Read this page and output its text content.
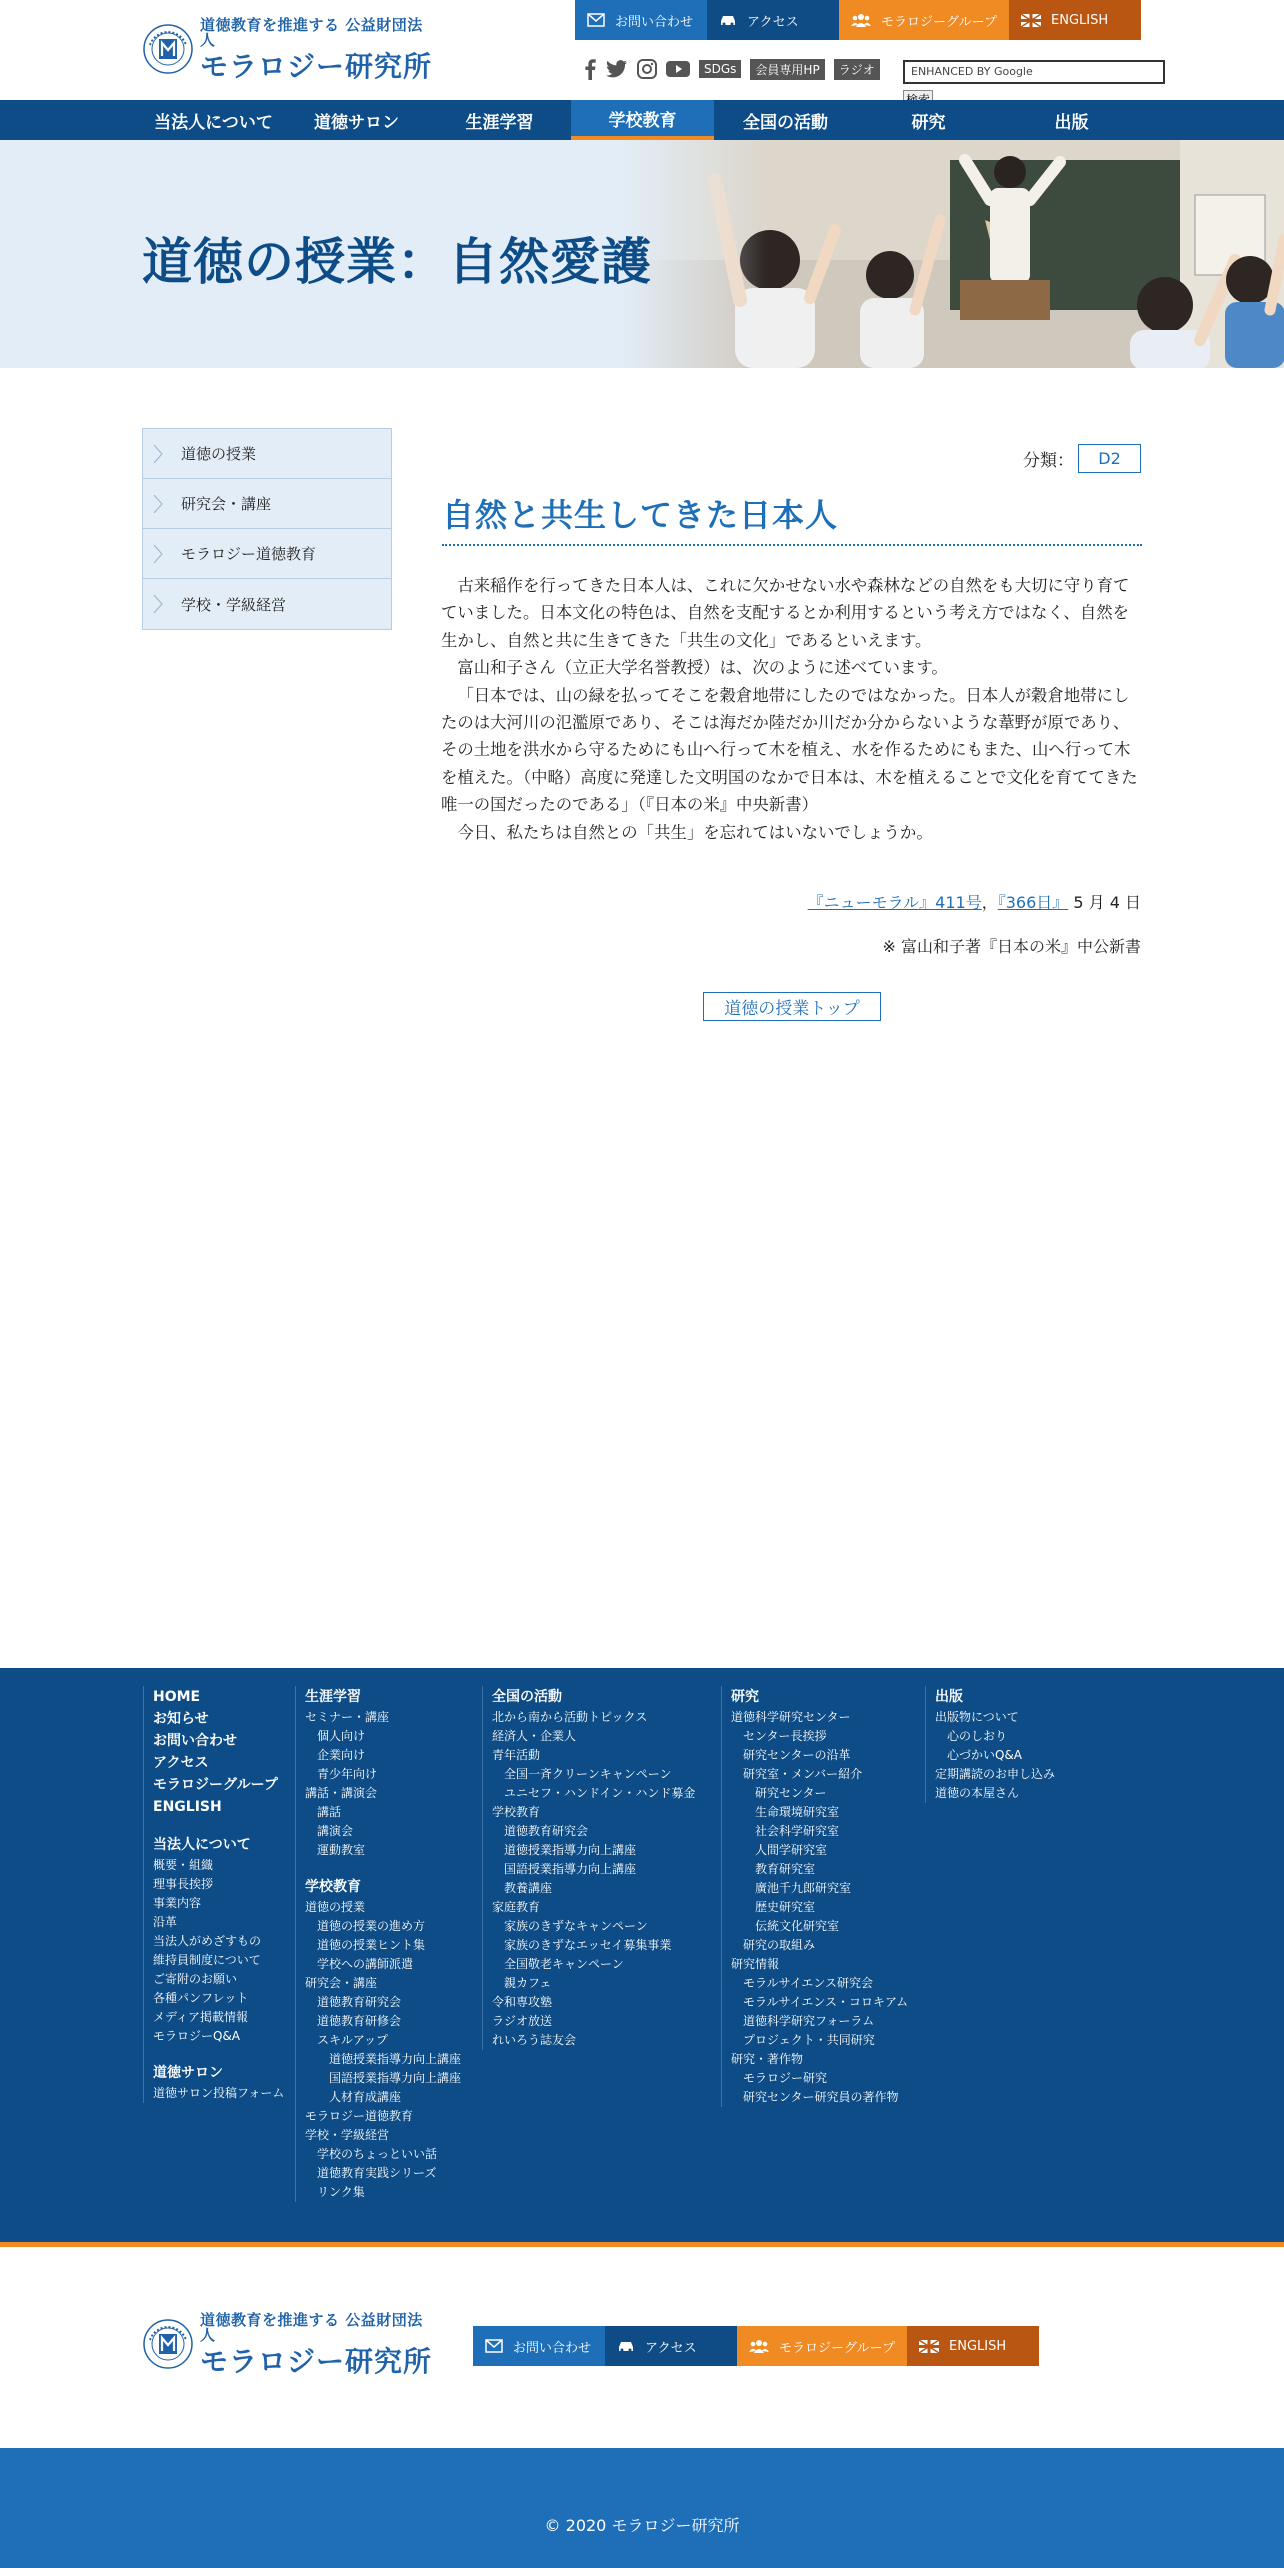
道徳教育を推進する 公益財団法人
モラロジー研究所
お問い合わせ	アクセス	モラロジーグループ	ENGLISH
SDGs	会員専用HP	ラジオ	ENHANCED BY Google
当法人について	道徳サロン	生涯学習	学校教育	全国の活動	研究	出版
道徳の授業：自然愛護
道徳の授業
研究会・講座
モラロジー道徳教育
学校・学級経営
分類：	D2
自然と共生してきた日本人

古来稲作を行ってきた日本人は、これに欠かせない水や森林などの自然をも大切に守り育てていました。日本文化の特色は、自然を支配するとか利用するという考え方ではなく、自然を生かし、自然と共に生きてきた「共生の文化」であるといえます。

富山和子さん（立正大学名誉教授）は、次のように述べています。

「日本では、山の緑を払ってそこを穀倉地帯にしたのではなかった。日本人が穀倉地帯にしたのは大河川の氾濫原であり、そこは海だか陸だか川だか分からないような葦野が原であり、その土地を洪水から守るためにも山へ行って木を植え、水を作るためにもまた、山へ行って木を植えた。（中略）高度に発達した文明国のなかで日本は、木を植えることで文化を育ててきた唯一の国だったのである」（『日本の米』中央新書）

今日、私たちは自然との「共生」を忘れてはいないでしょうか。

『ニューモラル』411号，『366日』 5 月 4 日
※ 富山和子著『日本の米』中公新書
道徳の授業トップ
HOME
お知らせ
お問い合わせ
アクセス
モラロジーグループ
ENGLISH
当法人について
概要・組織
理事長挨拶
事業内容
沿革
当法人がめざすもの
維持員制度について
ご寄附のお願い
各種パンフレット
メディア掲載情報
モラロジーQ&A
道徳サロン
道徳サロン投稿フォーム
生涯学習
セミナー・講座
個人向け
企業向け
青少年向け
講話・講演会
講話
講演会
運動教室
学校教育
道徳の授業
道徳の授業の進め方
道徳の授業ヒント集
学校への講師派遣
研究会・講座
道徳教育研究会
道徳教育研修会
スキルアップ
道徳授業指導力向上講座
国語授業指導力向上講座
人材育成講座
モラロジー道徳教育
学校・学級経営
学校のちょっといい話
道徳教育実践シリーズ
リンク集
全国の活動
北から南から活動トピックス
経済人・企業人
青年活動
全国一斉クリーンキャンペーン
ユニセフ・ハンドイン・ハンド募金
学校教育
道徳教育研究会
道徳授業指導力向上講座
国語授業指導力向上講座
教養講座
家庭教育
家族のきずなキャンペーン
家族のきずなエッセイ募集事業
全国敬老キャンペーン
親カフェ
令和専攻塾
ラジオ放送
れいろう誌友会
研究
道徳科学研究センター
センター長挨拶
研究センターの沿革
研究室・メンバー紹介
研究センター
生命環境研究室
社会科学研究室
人間学研究室
教育研究室
廣池千九郎研究室
歴史研究室
伝統文化研究室
研究の取組み
研究情報
モラルサイエンス研究会
モラルサイエンス・コロキアム
道徳科学研究フォーラム
プロジェクト・共同研究
研究・著作物
モラロジー研究
研究センター研究員の著作物
出版
出版物について
心のしおり
心づかいQ&A
定期講読のお申し込み
道徳の本屋さん
道徳教育を推進する 公益財団法人
モラロジー研究所	お問い合わせ	アクセス	モラロジーグループ	ENGLISH
© 2020 モラロジー研究所
